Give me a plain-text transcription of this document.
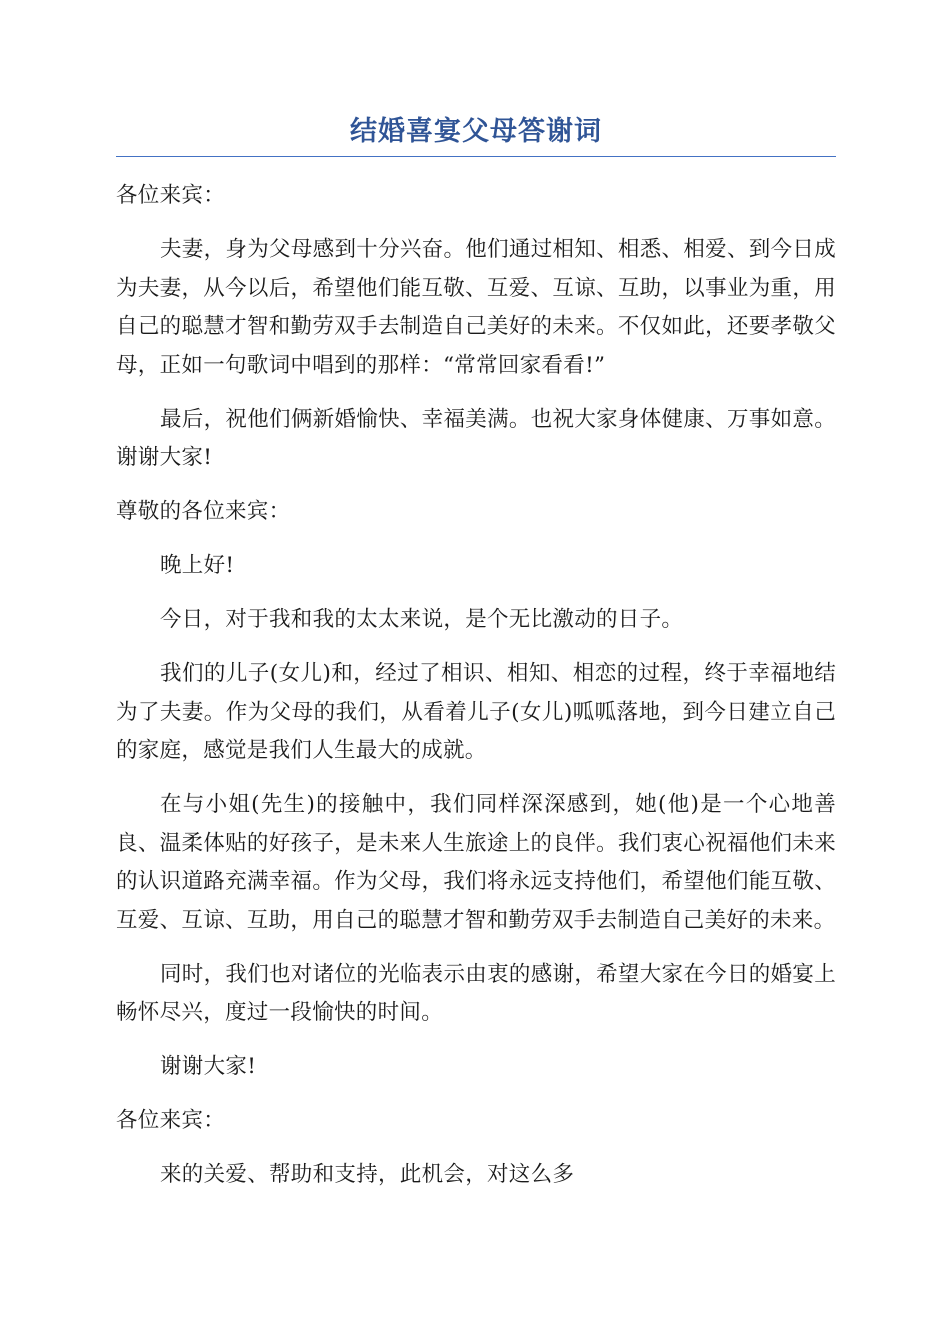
结婚喜宴父母答谢词

各位来宾：

夫妻，身为父母感到十分兴奋。他们通过相知、相悉、相爱、到今日成为夫妻，从今以后，希望他们能互敬、互爱、互谅、互助，以事业为重，用自己的聪慧才智和勤劳双手去制造自己美好的未来。不仅如此，还要孝敬父母，正如一句歌词中唱到的那样：“常常回家看看!”

最后，祝他们俩新婚愉快、幸福美满。也祝大家身体健康、万事如意。谢谢大家!

尊敬的各位来宾：

晚上好!

今日，对于我和我的太太来说，是个无比激动的日子。

我们的儿子(女儿)和，经过了相识、相知、相恋的过程，终于幸福地结为了夫妻。作为父母的我们，从看着儿子(女儿)呱呱落地，到今日建立自己的家庭，感觉是我们人生最大的成就。

在与小姐(先生)的接触中，我们同样深深感到，她(他)是一个心地善良、温柔体贴的好孩子，是未来人生旅途上的良伴。我们衷心祝福他们未来的认识道路充满幸福。作为父母，我们将永远支持他们，希望他们能互敬、互爱、互谅、互助，用自己的聪慧才智和勤劳双手去制造自己美好的未来。

同时，我们也对诸位的光临表示由衷的感谢，希望大家在今日的婚宴上畅怀尽兴，度过一段愉快的时间。

谢谢大家!

各位来宾：

来的关爱、帮助和支持，此机会，对这么多
